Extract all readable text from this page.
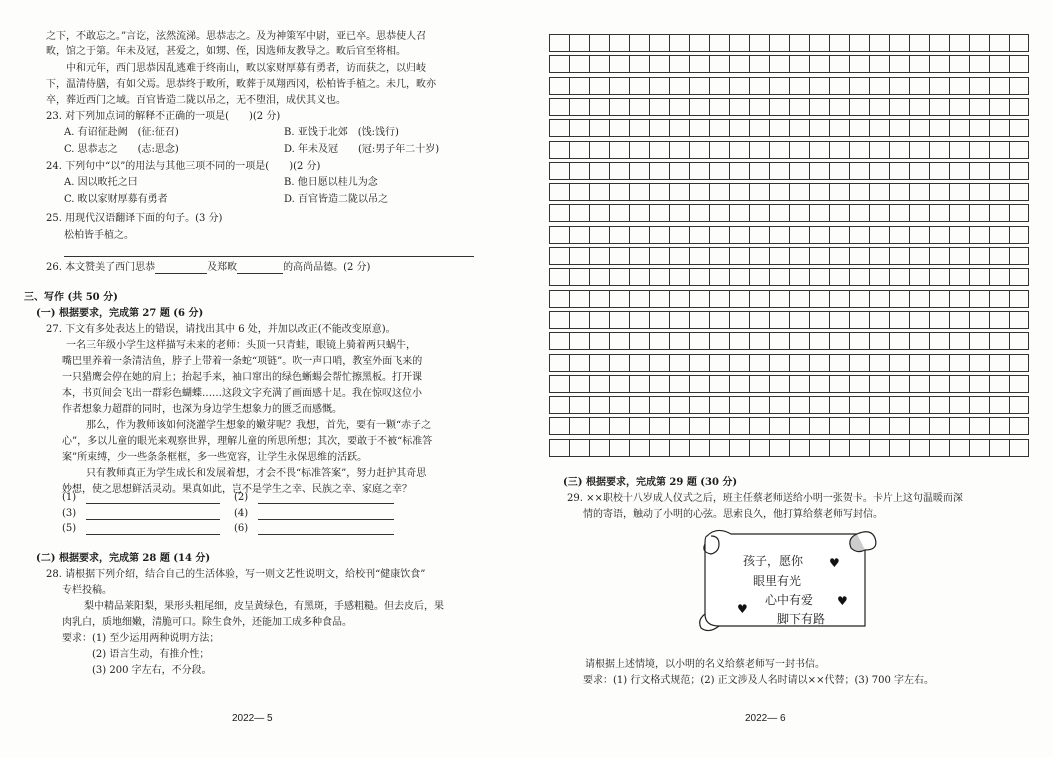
之下，不敢忘之。”言讫，泫然流涕。思恭志之。及为神策军中尉，亚已卒。思恭使人召
畋，馆之于第。年未及冠，甚爱之，如甥、侄，因选师友教导之。畋后官至将相。
中和元年，西门思恭因乱逃难于终南山，畋以家财厚募有勇者，访而获之，以归岐
下，温清侍膳，有如父焉。思恭终于畋所，畋葬于凤翔西冈，松柏皆手植之。未几，畋亦
卒，葬近西门之域。百官皆造二陇以吊之，无不堕泪，成伏其义也。
23. 对下列加点词的解释不正确的一项是(　　)(2 分)
A. 有诏征赴阙　(征:征召)	B. 亚饯于北郊　(饯:饯行)
C. 思恭志之　　(志:思念)	D. 年未及冠　　(冠:男子年二十岁)
24. 下列句中“以”的用法与其他三项不同的一项是(　　)(2 分)
A. 因以畋托之曰	B. 他日愿以桂儿为念
C. 畋以家财厚募有勇者	D. 百官皆造二陇以吊之
25. 用现代汉语翻译下面的句子。(3 分)
松柏皆手植之。
26. 本文赞美了西门思恭	及郑畋	的高尚品德。(2 分)
三、写作 (共 50 分)
(一) 根据要求，完成第 27 题 (6 分)
27. 下文有多处表达上的错误，请找出其中 6 处，并加以改正(不能改变原意)。
一名三年级小学生这样描写未来的老师：头顶一只青蛙，眼镜上骑着两只蜗牛，
嘴巴里养着一条清洁鱼，脖子上带着一条蛇“项链”。吹一声口哨，教室外面飞来的
一只猎鹰会停在她的肩上；抬起手来，袖口窜出的绿色蜥蜴会帮忙擦黑板。打开课
本，书页间会飞出一群彩色蝴蝶……这段文字充满了画面感十足。我在惊叹这位小
作者想象力超群的同时，也深为身边学生想象力的匮乏而感慨。
那么，作为教师该如何浇灌学生想象的嫩芽呢？我想，首先，要有一颗“赤子之
心”，多以儿童的眼光来观察世界，理解儿童的所思所想；其次，要敢于不被“标准答
案”所束缚，少一些条条框框，多一些宽容，让学生永保思维的活跃。
只有教师真正为学生成长和发展着想，才会不畏“标准答案”，努力赶护其奇思
妙想，使之思想鲜活灵动。果真如此，岂不是学生之幸、民族之幸、家庭之幸？
(1)	(2)
(3)	(4)
(5)	(6)
(二) 根据要求，完成第 28 题 (14 分)
28. 请根据下列介绍，结合自己的生活体验，写一则文艺性说明文，给校刊“健康饮食”
专栏投稿。
梨中精品莱阳梨，果形头粗尾细，皮呈黄绿色，有黑斑，手感粗糙。但去皮后，果
肉乳白，质地细嫩，清脆可口。除生食外，还能加工成多种食品。
要求：(1) 至少运用两种说明方法；
(2) 语言生动，有推介性；
(3) 200 字左右，不分段。
2022— 5
(三) 根据要求，完成第 29 题 (30 分)
29. ××职校十八岁成人仪式之后，班主任蔡老师送给小明一张贺卡。卡片上这句温暖而深
情的寄语，触动了小明的心弦。思索良久，他打算给蔡老师写封信。
孩子，愿你
眼里有光
心中有爱
脚下有路
♥
♥
♥
请根据上述情境，以小明的名义给蔡老师写一封书信。
要求：(1) 行文格式规范；(2) 正文涉及人名时请以××代替；(3) 700 字左右。
2022— 6
